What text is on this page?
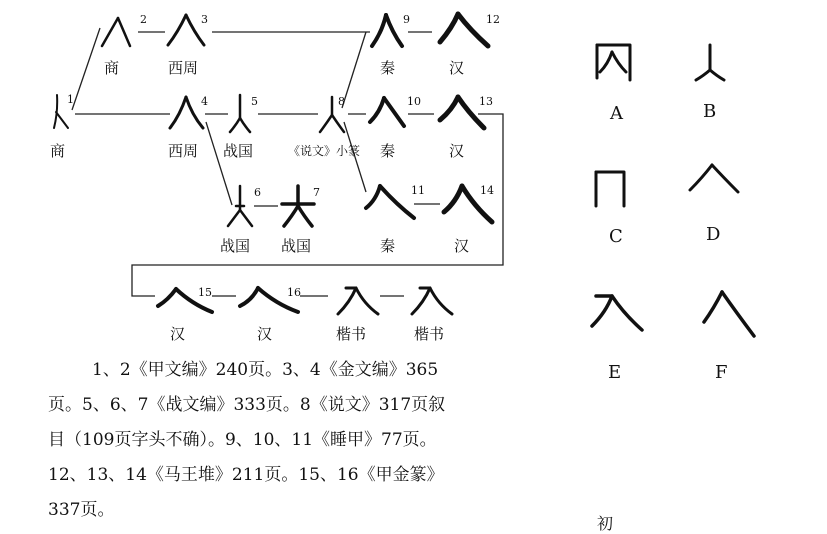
1
2	3
4	5
6	7
8
9
10
11
12
13
14
15	16
商
商	西周
西周 战国
战国 战国
《说文》小篆
秦
秦
秦
汉
汉
汉
汉	汉	楷书	楷书
1、2《甲文编》240页。3、4《金文编》365
页。5、6、7《战文编》333页。8《说文》317页叙
目（109页字头不确）。9、10、11《睡甲》77页。
12、13、14《马王堆》211页。15、16《甲金篆》
337页。
A	B
C	D
E	F
初
